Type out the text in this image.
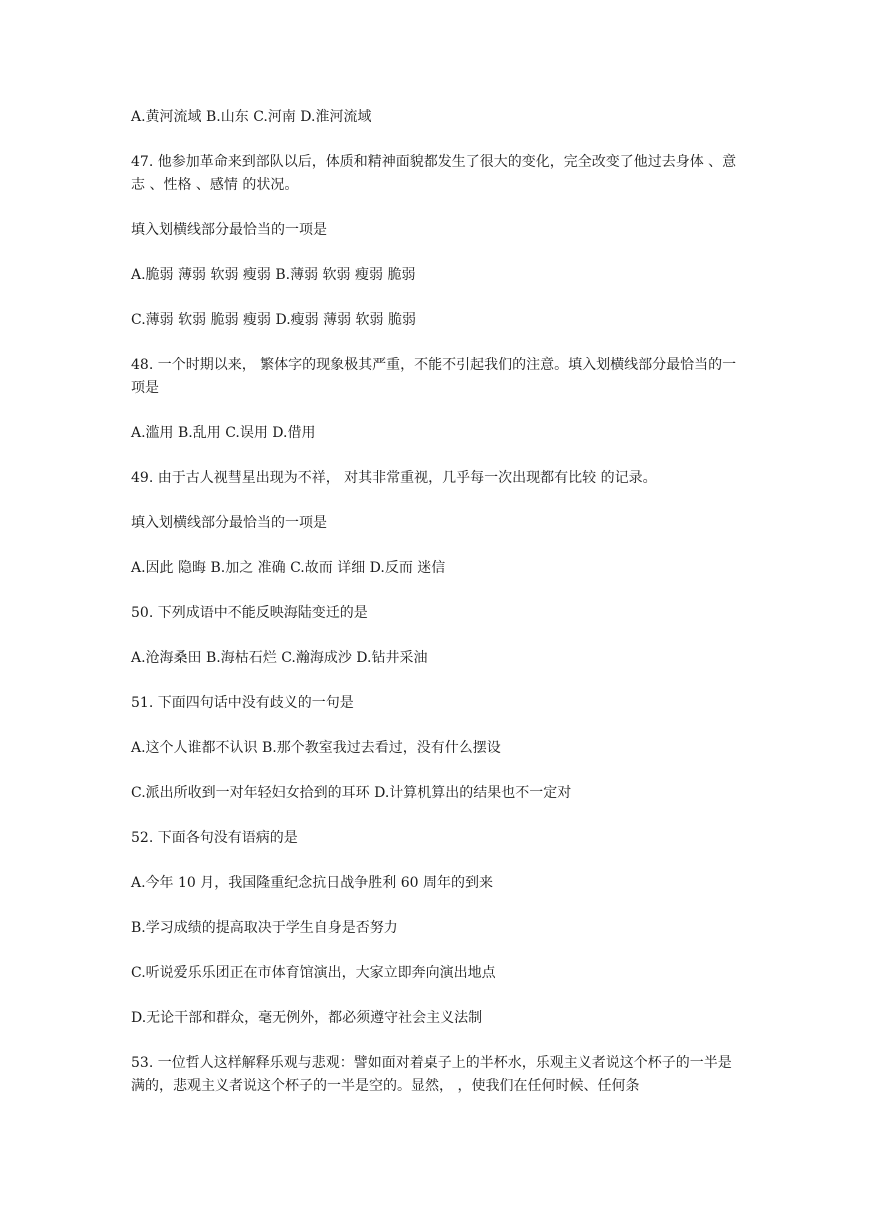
A.黄河流域 B.山东 C.河南 D.淮河流域

47. 他参加革命来到部队以后，体质和精神面貌都发生了很大的变化，完全改变了他过去身体 、意志 、性格 、感情 的状况。

填入划横线部分最恰当的一项是

A.脆弱 薄弱 软弱 瘦弱 B.薄弱 软弱 瘦弱 脆弱

C.薄弱 软弱 脆弱 瘦弱 D.瘦弱 薄弱 软弱 脆弱

48. 一个时期以来， 繁体字的现象极其严重，不能不引起我们的注意。填入划横线部分最恰当的一项是

A.滥用 B.乱用 C.误用 D.借用

49. 由于古人视彗星出现为不祥， 对其非常重视，几乎每一次出现都有比较 的记录。

填入划横线部分最恰当的一项是

A.因此 隐晦 B.加之 准确 C.故而 详细 D.反而 迷信

50. 下列成语中不能反映海陆变迁的是

A.沧海桑田 B.海枯石烂 C.瀚海成沙 D.钻井采油

51. 下面四句话中没有歧义的一句是

A.这个人谁都不认识 B.那个教室我过去看过，没有什么摆设

C.派出所收到一对年轻妇女拾到的耳环 D.计算机算出的结果也不一定对

52. 下面各句没有语病的是

A.今年 10 月，我国隆重纪念抗日战争胜利 60 周年的到来

B.学习成绩的提高取决于学生自身是否努力

C.听说爱乐乐团正在市体育馆演出，大家立即奔向演出地点

D.无论干部和群众，毫无例外，都必须遵守社会主义法制

53. 一位哲人这样解释乐观与悲观：譬如面对着桌子上的半杯水，乐观主义者说这个杯子的一半是满的，悲观主义者说这个杯子的一半是空的。显然， ，使我们在任何时候、任何条
